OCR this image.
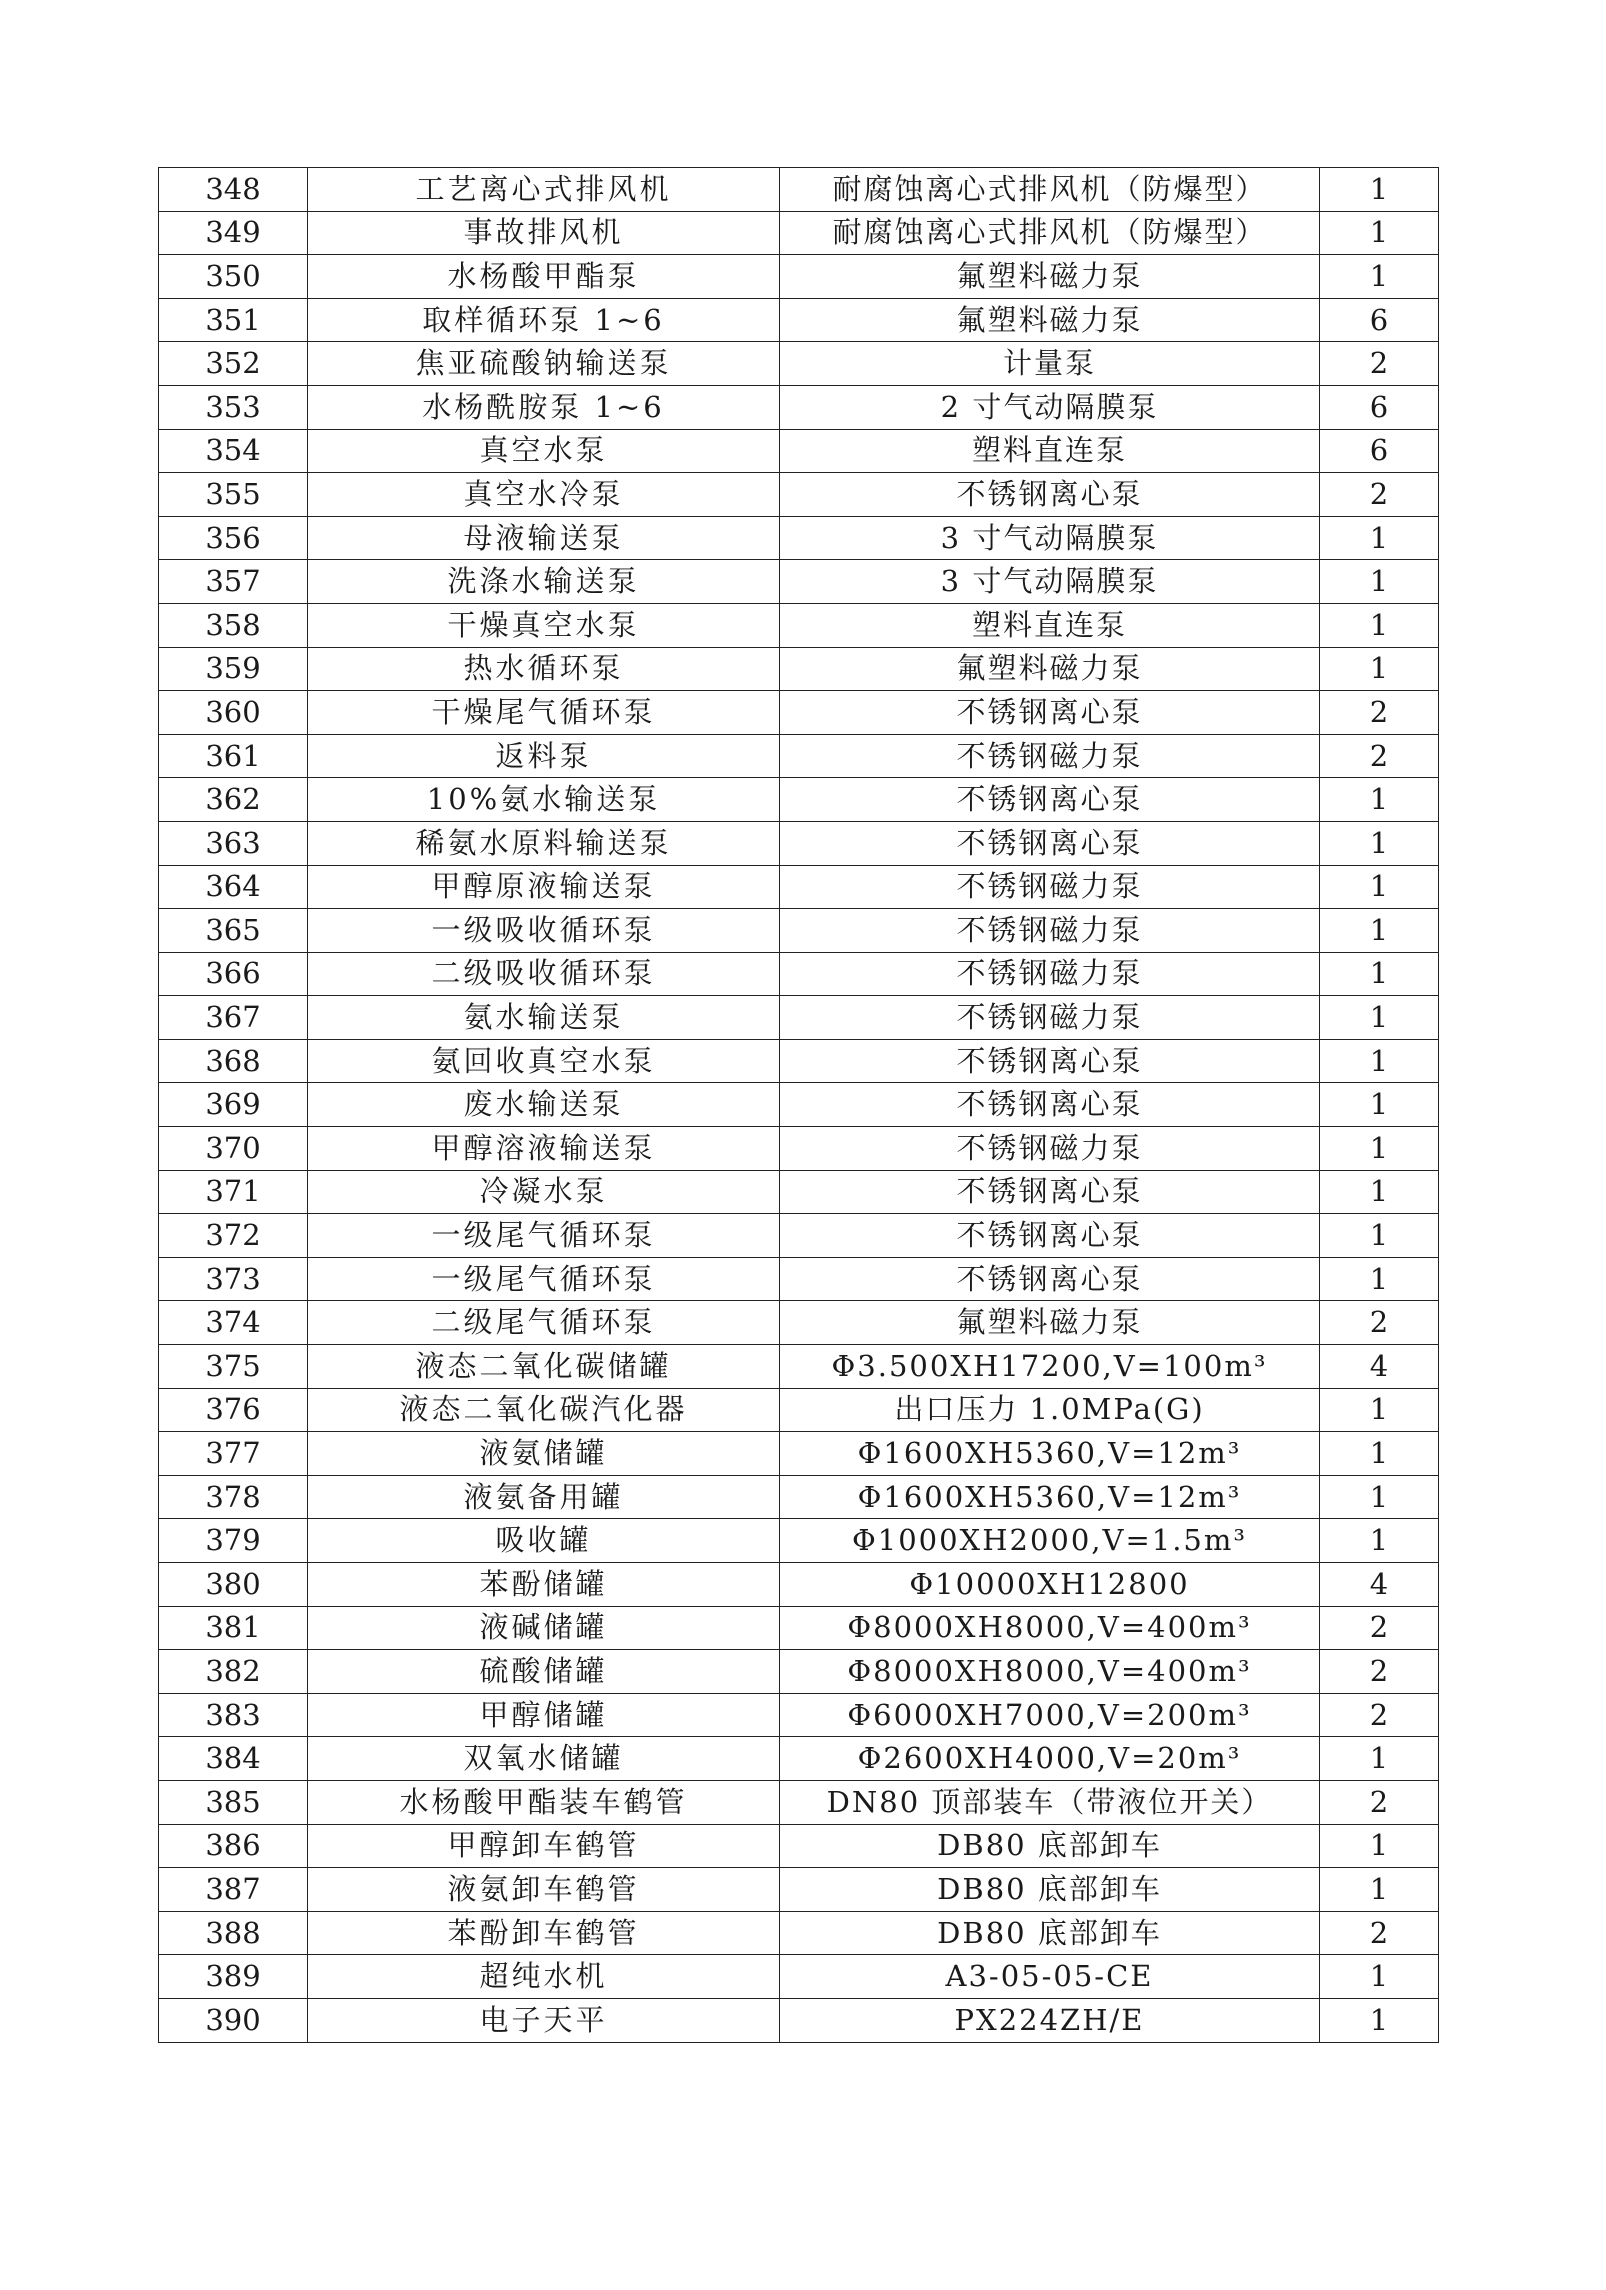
348	工艺离心式排风机	耐腐蚀离心式排风机（防爆型）	1
349	事故排风机	耐腐蚀离心式排风机（防爆型）	1
350	水杨酸甲酯泵	氟塑料磁力泵	1
351	取样循环泵 1~6	氟塑料磁力泵	6
352	焦亚硫酸钠输送泵	计量泵	2
353	水杨酰胺泵 1~6	2 寸气动隔膜泵	6
354	真空水泵	塑料直连泵	6
355	真空水冷泵	不锈钢离心泵	2
356	母液输送泵	3 寸气动隔膜泵	1
357	洗涤水输送泵	3 寸气动隔膜泵	1
358	干燥真空水泵	塑料直连泵	1
359	热水循环泵	氟塑料磁力泵	1
360	干燥尾气循环泵	不锈钢离心泵	2
361	返料泵	不锈钢磁力泵	2
362	10%氨水输送泵	不锈钢离心泵	1
363	稀氨水原料输送泵	不锈钢离心泵	1
364	甲醇原液输送泵	不锈钢磁力泵	1
365	一级吸收循环泵	不锈钢磁力泵	1
366	二级吸收循环泵	不锈钢磁力泵	1
367	氨水输送泵	不锈钢磁力泵	1
368	氨回收真空水泵	不锈钢离心泵	1
369	废水输送泵	不锈钢离心泵	1
370	甲醇溶液输送泵	不锈钢磁力泵	1
371	冷凝水泵	不锈钢离心泵	1
372	一级尾气循环泵	不锈钢离心泵	1
373	一级尾气循环泵	不锈钢离心泵	1
374	二级尾气循环泵	氟塑料磁力泵	2
375	液态二氧化碳储罐	Φ3.500XH17200,V=100m³	4
376	液态二氧化碳汽化器	出口压力 1.0MPa(G)	1
377	液氨储罐	Φ1600XH5360,V=12m³	1
378	液氨备用罐	Φ1600XH5360,V=12m³	1
379	吸收罐	Φ1000XH2000,V=1.5m³	1
380	苯酚储罐	Φ10000XH12800	4
381	液碱储罐	Φ8000XH8000,V=400m³	2
382	硫酸储罐	Φ8000XH8000,V=400m³	2
383	甲醇储罐	Φ6000XH7000,V=200m³	2
384	双氧水储罐	Φ2600XH4000,V=20m³	1
385	水杨酸甲酯装车鹤管	DN80 顶部装车（带液位开关）	2
386	甲醇卸车鹤管	DB80 底部卸车	1
387	液氨卸车鹤管	DB80 底部卸车	1
388	苯酚卸车鹤管	DB80 底部卸车	2
389	超纯水机	A3-05-05-CE	1
390	电子天平	PX224ZH/E	1
